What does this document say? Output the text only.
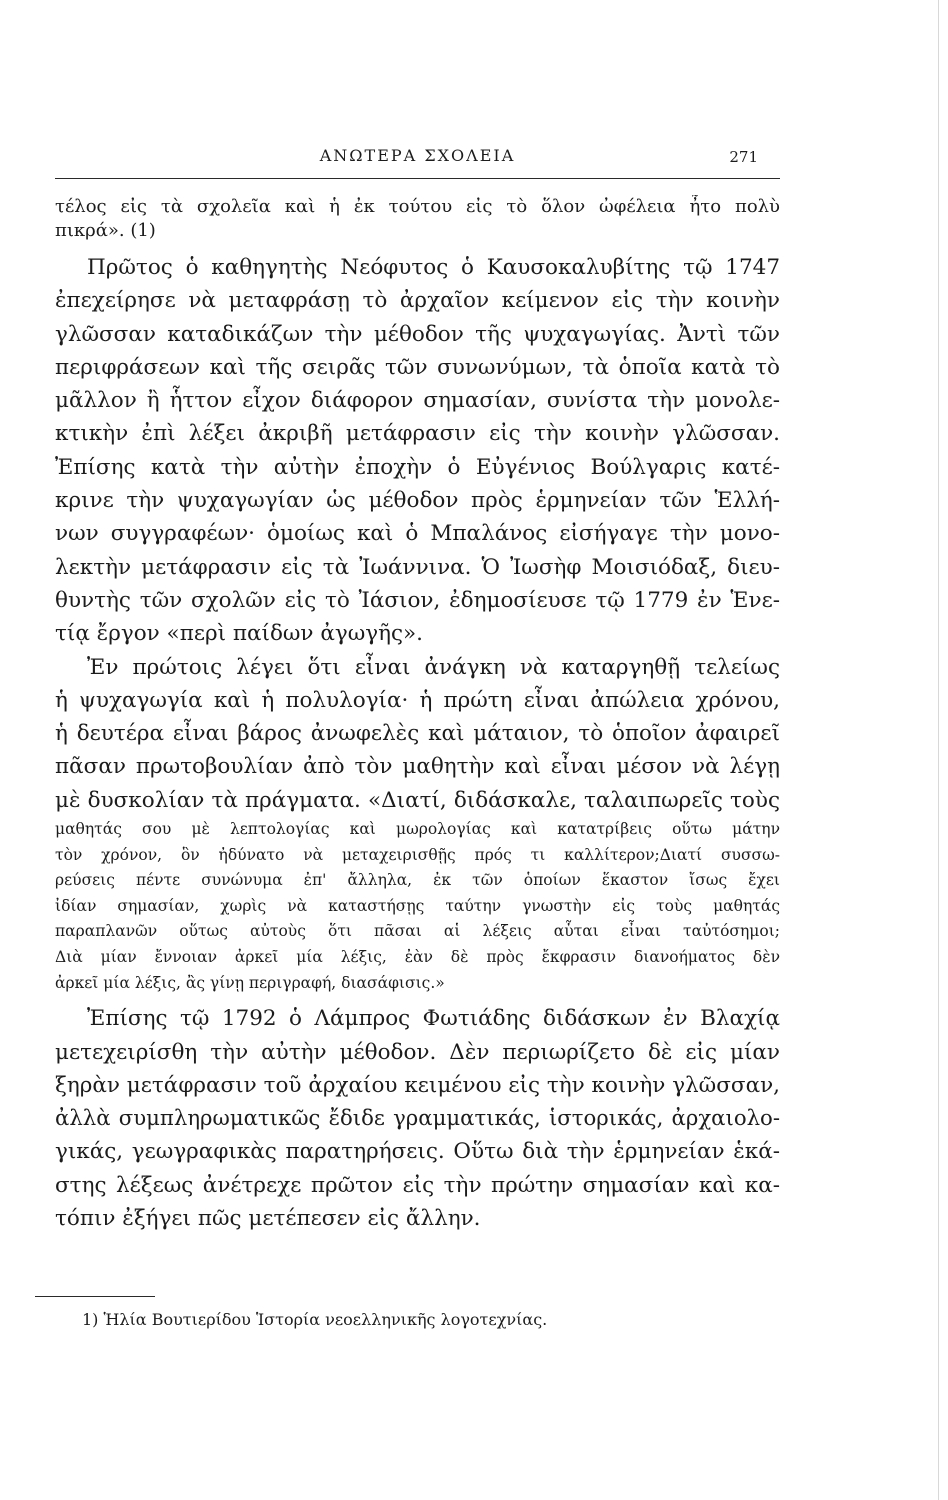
ΑΝΩΤΕΡΑ ΣΧΟΛΕΙΑ	271
τέλος εἰς τὰ σχολεῖα καὶ ἡ ἐκ τούτου εἰς τὸ ὅλον ὠφέλεια ἦτο πολὺ
πικρά». (1)
Πρῶτος ὁ καθηγητὴς Νεόφυτος ὁ Καυσοκαλυβίτης τῷ 1747
ἐπεχείρησε νὰ μεταφράσῃ τὸ ἀρχαῖον κείμενον εἰς τὴν κοινὴν
γλῶσσαν καταδικάζων τὴν μέθοδον τῆς ψυχαγωγίας. Ἀντὶ τῶν
περιφράσεων καὶ τῆς σειρᾶς τῶν συνωνύμων, τὰ ὁποῖα κατὰ τὸ
μᾶλλον ἢ ἧττον εἶχον διάφορον σημασίαν, συνίστα τὴν μονολε-
κτικὴν ἐπὶ λέξει ἀκριβῆ μετάφρασιν εἰς τὴν κοινὴν γλῶσσαν.
Ἐπίσης κατὰ τὴν αὐτὴν ἐποχὴν ὁ Εὐγένιος Βούλγαρις κατέ-
κρινε τὴν ψυχαγωγίαν ὡς μέθοδον πρὸς ἑρμηνείαν τῶν Ἑλλή-
νων συγγραφέων· ὁμοίως καὶ ὁ Μπαλάνος εἰσήγαγε τὴν μονο-
λεκτὴν μετάφρασιν εἰς τὰ Ἰωάννινα. Ὁ Ἰωσὴφ Μοισιόδαξ, διευ-
θυντὴς τῶν σχολῶν εἰς τὸ Ἰάσιον, ἐδημοσίευσε τῷ 1779 ἐν Ἑνε-
τίᾳ ἔργον «περὶ παίδων ἀγωγῆς».
Ἐν πρώτοις λέγει ὅτι εἶναι ἀνάγκη νὰ καταργηθῇ τελείως
ἡ ψυχαγωγία καὶ ἡ πολυλογία· ἡ πρώτη εἶναι ἀπώλεια χρόνου,
ἡ δευτέρα εἶναι βάρος ἀνωφελὲς καὶ μάταιον, τὸ ὁποῖον ἀφαιρεῖ
πᾶσαν πρωτοβουλίαν ἀπὸ τὸν μαθητὴν καὶ εἶναι μέσον νὰ λέγῃ
μὲ δυσκολίαν τὰ πράγματα. «Διατί, διδάσκαλε, ταλαιπωρεῖς τοὺς
μαθητάς σου μὲ λεπτολογίας καὶ μωρολογίας καὶ κατατρίβεις οὕτω μάτην
τὸν χρόνον, ὃν ἠδύνατο νὰ μεταχειρισθῇς πρός τι καλλίτερον;Διατί συσσω-
ρεύσεις πέντε συνώνυμα ἐπ' ἄλληλα, ἐκ τῶν ὁποίων ἕκαστον ἴσως ἔχει
ἰδίαν σημασίαν, χωρὶς νὰ καταστήσῃς ταύτην γνωστὴν εἰς τοὺς μαθητάς
παραπλανῶν οὕτως αὐτοὺς ὅτι πᾶσαι αἱ λέξεις αὗται εἶναι ταὐτόσημοι;
Διὰ μίαν ἔννοιαν ἀρκεῖ μία λέξις, ἐὰν δὲ πρὸς ἔκφρασιν διανοήματος δὲν
ἀρκεῖ μία λέξις, ἂς γίνῃ περιγραφή, διασάφισις.»
Ἐπίσης τῷ 1792 ὁ Λάμπρος Φωτιάδης διδάσκων ἐν Βλαχίᾳ
μετεχειρίσθη τὴν αὐτὴν μέθοδον. Δὲν περιωρίζετο δὲ εἰς μίαν
ξηρὰν μετάφρασιν τοῦ ἀρχαίου κειμένου εἰς τὴν κοινὴν γλῶσσαν,
ἀλλὰ συμπληρωματικῶς ἔδιδε γραμματικάς, ἱστορικάς, ἀρχαιολο-
γικάς, γεωγραφικὰς παρατηρήσεις. Οὕτω διὰ τὴν ἑρμηνείαν ἑκά-
στης λέξεως ἀνέτρεχε πρῶτον εἰς τὴν πρώτην σημασίαν καὶ κα-
τόπιν ἐξήγει πῶς μετέπεσεν εἰς ἄλλην.
1) Ἡλία Βουτιερίδου Ἱστορία νεοελληνικῆς λογοτεχνίας.
